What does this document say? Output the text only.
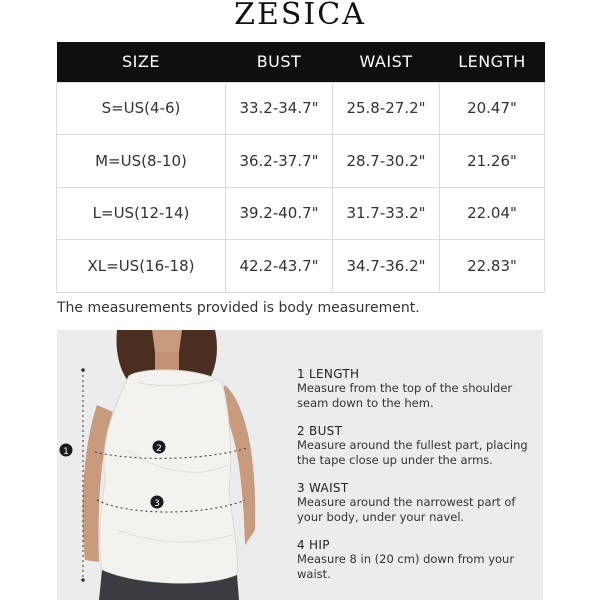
ZESICA
SIZE	BUST	WAIST	LENGTH
S=US(4-6)	33.2-34.7"	25.8-27.2"	20.47"
M=US(8-10)	36.2-37.7"	28.7-30.2"	21.26"
L=US(12-14)	39.2-40.7"	31.7-33.2"	22.04"
XL=US(16-18)	42.2-43.7"	34.7-36.2"	22.83"
The measurements provided is body measurement.
1	2
3
1 LENGTH
Measure from the top of the shoulder seam down to the hem.
2 BUST
Measure around the fullest part, placing the tape close up under the arms.
3 WAIST
Measure around the narrowest part of your body, under your navel.
4 HIP
Measure 8 in (20 cm) down from your waist.
